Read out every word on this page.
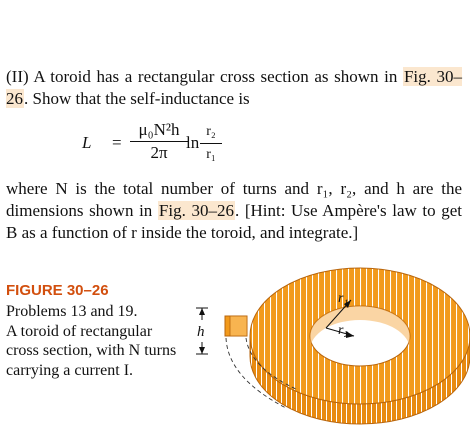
(II) A toroid has a rectangular cross section as shown in Fig. 30–26. Show that the self-inductance is
L =
μ₀N²h
2π
ln
r₂
r₁
where N is the total number of turns and r₁, r₂, and h are the dimensions shown in Fig. 30–26. [Hint: Use Ampère's law to get B as a function of r inside the toroid, and integrate.]
FIGURE 30–26
Problems 13 and 19.
A toroid of rectangular cross section, with N turns carrying a current I.
h
r₁
r₂
